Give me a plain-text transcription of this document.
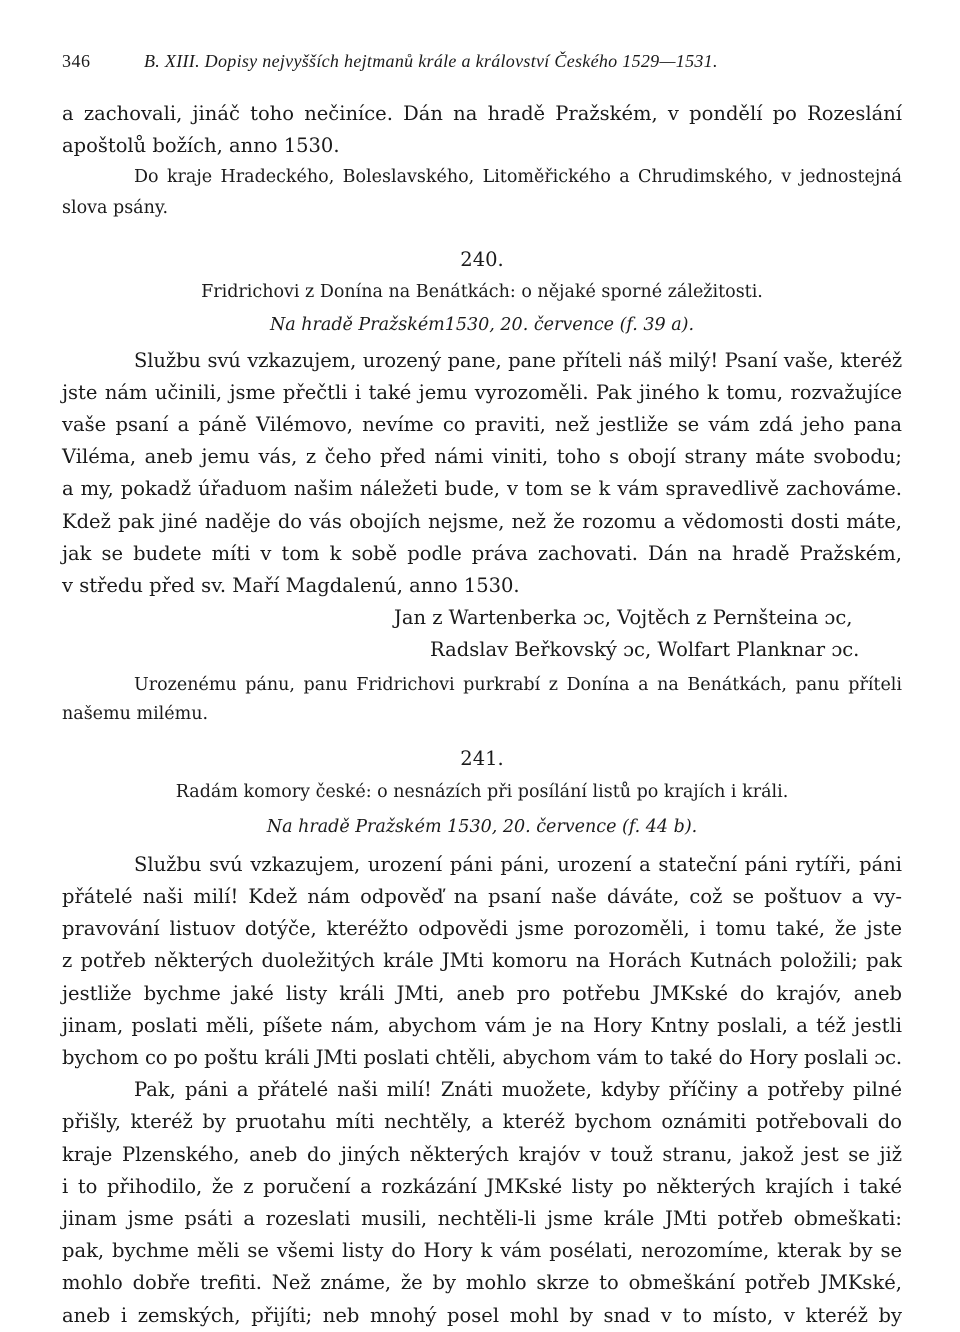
346	B. XIII. Dopisy nejvyšších hejtmanů krále a království Českého 1529—1531.
a zachovali, jináč toho nečiníce. Dán na hradě Pražském, v pondělí po Rozeslání
apoštolů božích, anno 1530.
Do kraje Hradeckého, Boleslavského, Litoměřického a Chrudimského, v jednostejná
slova psány.

240.

Fridrichovi z Donína na Benátkách: o nějaké sporné záležitosti.

Na hradě Pražském1530, 20. července (f. 39 a).

Službu svú vzkazujem, urozený pane, pane příteli náš milý! Psaní vaše, kteréž
jste nám učinili, jsme přečtli i také jemu vyrozoměli. Pak jiného k tomu, rozvažujíce
vaše psaní a páně Vilémovo, nevíme co praviti, než jestliže se vám zdá jeho pana
Viléma, aneb jemu vás, z čeho před námi viniti, toho s obojí strany máte svobodu;
a my, pokadž úřaduom našim náležeti bude, v tom se k vám spravedlivě zachováme.
Kdež pak jiné naděje do vás obojích nejsme, než že rozomu a vědomosti dosti máte,
jak se budete míti v tom k sobě podle práva zachovati. Dán na hradě Pražském,
v středu před sv. Maří Magdalenú, anno 1530.
Jan z Wartenberka ɔc, Vojtěch z Pernšteina ɔc,
Radslav Beřkovský ɔc, Wolfart Planknar ɔc.
Urozenému pánu, panu Fridrichovi purkrabí z Donína a na Benátkách, panu příteli
našemu milému.

241.

Radám komory české: o nesnázích při posílání listů po krajích i králi.

Na hradě Pražském 1530, 20. července (f. 44 b).

Službu svú vzkazujem, urození páni páni, urození a stateční páni rytíři, páni
přátelé naši milí! Kdež nám odpověď na psaní naše dáváte, což se poštuov a vy-
pravování listuov dotýče, kteréžto odpovědi jsme porozoměli, i tomu také, že jste
z potřeb některých duoležitých krále JMti komoru na Horách Kutnách položili; pak
jestliže bychme jaké listy králi JMti, aneb pro potřebu JMKské do krajóv, aneb
jinam, poslati měli, píšete nám, abychom vám je na Hory Kntny poslali, a též jestli
bychom co po poštu králi JMti poslati chtěli, abychom vám to také do Hory poslali ɔc.
Pak, páni a přátelé naši milí! Znáti muožete, kdyby příčiny a potřeby pilné
přišly, kteréž by pruotahu míti nechtěly, a kteréž bychom oznámiti potřebovali do
kraje Plzenského, aneb do jiných některých krajóv v touž stranu, jakož jest se již
i to přihodilo, že z poručení a rozkázání JMKské listy po některých krajích i také
jinam jsme psáti a rozeslati musili, nechtěli-li jsme krále JMti potřeb obmeškati:
pak, bychme měli se všemi listy do Hory k vám posélati, nerozomíme, kterak by se
mohlo dobře trefiti. Než známe, že by mohlo skrze to obmeškání potřeb JMKské,
aneb i zemských, přijíti; neb mnohý posel mohl by snad v to místo, v kteréž by
